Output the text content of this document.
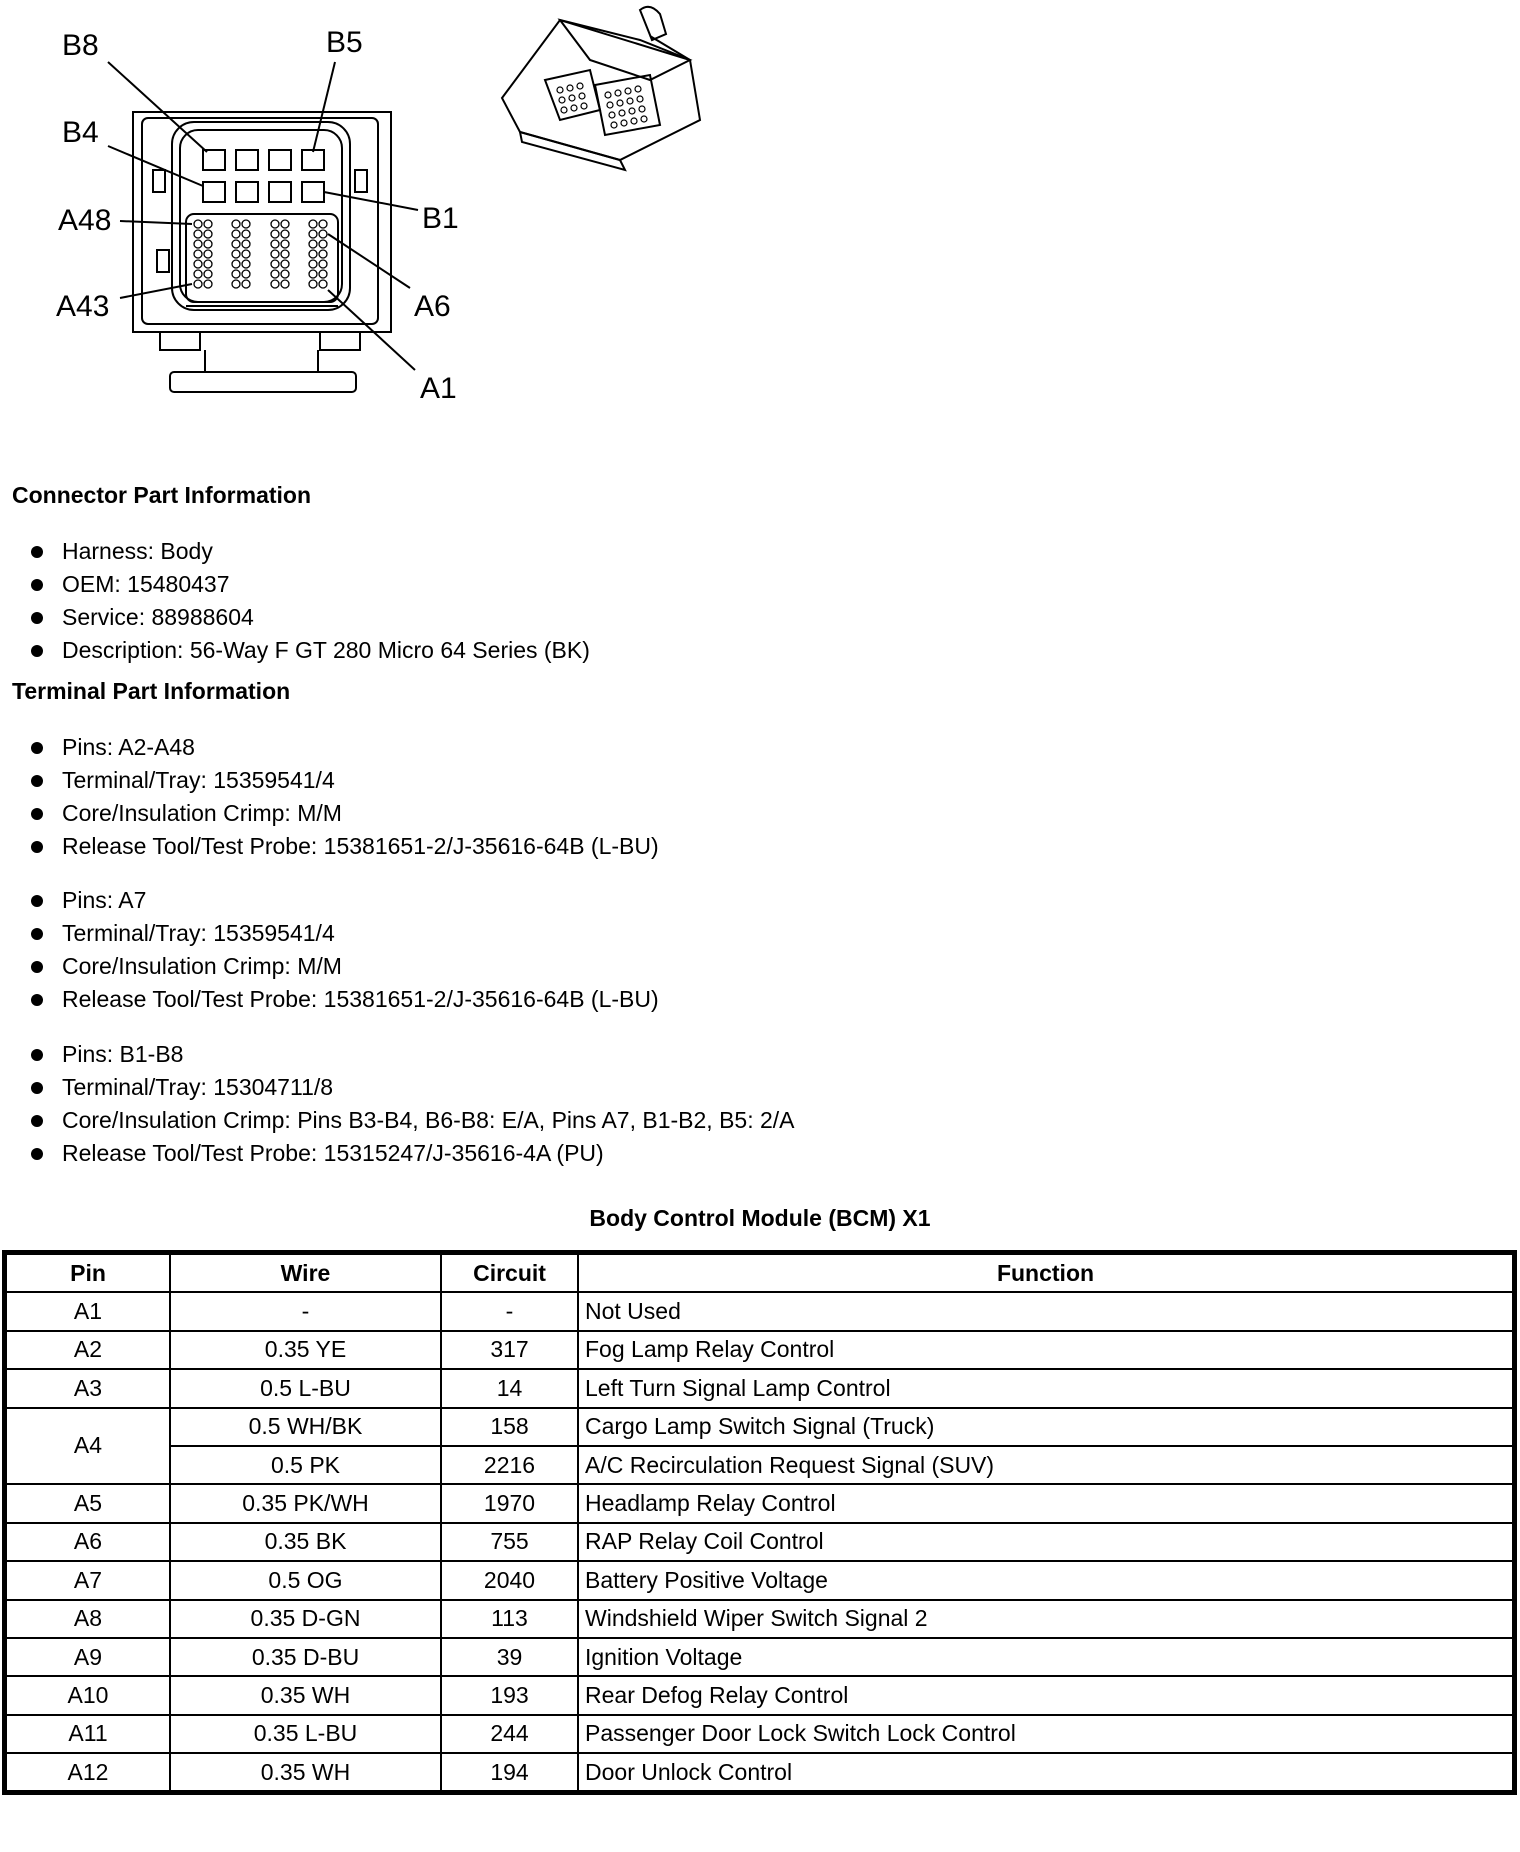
B8	B5
B4
B1
A48
A6
A43
A1
Connector Part Information
Harness: Body
OEM: 15480437
Service: 88988604
Description: 56-Way F GT 280 Micro 64 Series (BK)
Terminal Part Information
Pins: A2-A48
Terminal/Tray: 15359541/4
Core/Insulation Crimp: M/M
Release Tool/Test Probe: 15381651-2/J-35616-64B (L-BU)
Pins: A7
Terminal/Tray: 15359541/4
Core/Insulation Crimp: M/M
Release Tool/Test Probe: 15381651-2/J-35616-64B (L-BU)
Pins: B1-B8
Terminal/Tray: 15304711/8
Core/Insulation Crimp: Pins B3-B4, B6-B8: E/A, Pins A7, B1-B2, B5: 2/A
Release Tool/Test Probe: 15315247/J-35616-4A (PU)
Body Control Module (BCM) X1
Pin	Wire	Circuit	Function
A1	-	-	Not Used
A2	0.35 YE	317	Fog Lamp Relay Control
A3	0.5 L-BU	14	Left Turn Signal Lamp Control
A4	0.5 WH/BK	158	Cargo Lamp Switch Signal (Truck)
	0.5 PK	2216	A/C Recirculation Request Signal (SUV)
A5	0.35 PK/WH	1970	Headlamp Relay Control
A6	0.35 BK	755	RAP Relay Coil Control
A7	0.5 OG	2040	Battery Positive Voltage
A8	0.35 D-GN	113	Windshield Wiper Switch Signal 2
A9	0.35 D-BU	39	Ignition Voltage
A10	0.35 WH	193	Rear Defog Relay Control
A11	0.35 L-BU	244	Passenger Door Lock Switch Lock Control
A12	0.35 WH	194	Door Unlock Control
